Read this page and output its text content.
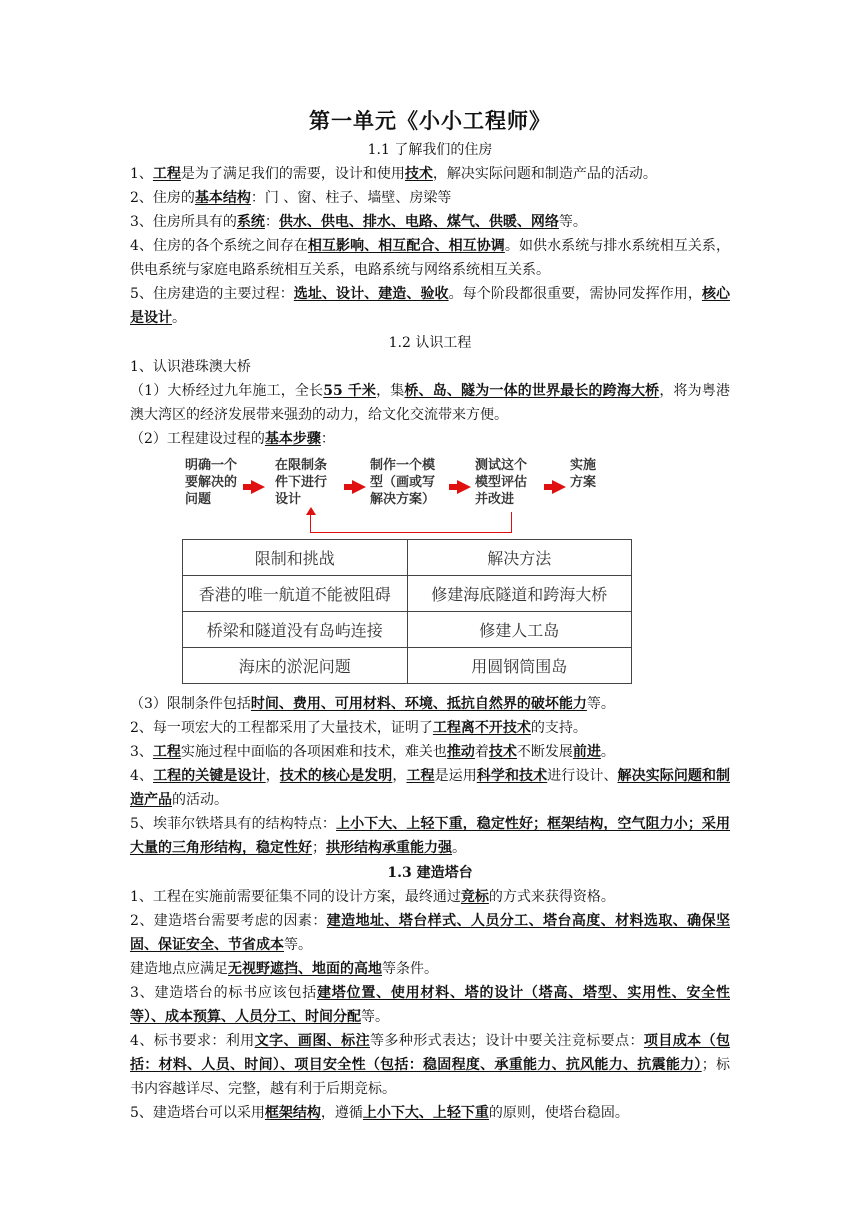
第一单元《小小工程师》
1.1 了解我们的住房

1、工程是为了满足我们的需要，设计和使用技术，解决实际问题和制造产品的活动。

2、住房的基本结构：门 、窗、柱子、墙壁、房梁等

3、住房所具有的系统：供水、供电、排水、电路、煤气、供暖、网络等。

4、住房的各个系统之间存在相互影响、相互配合、相互协调。如供水系统与排水系统相互关系，供电系统与家庭电路系统相互关系，电路系统与网络系统相互关系。

5、住房建造的主要过程：选址、设计、建造、验收。每个阶段都很重要，需协同发挥作用，核心是设计。

1.2 认识工程

1、认识港珠澳大桥

（1）大桥经过九年施工，全长55 千米，集桥、岛、隧为一体的世界最长的跨海大桥，将为粤港澳大湾区的经济发展带来强劲的动力，给文化交流带来方便。

（2）工程建设过程的基本步骤：

明确一个
要解决的
问题
在限制条
件下进行
设计
制作一个模
型（画或写
解决方案）
测试这个
模型评估
并改进
实施
方案
限制和挑战	解决方法
香港的唯一航道不能被阻碍	修建海底隧道和跨海大桥
桥梁和隧道没有岛屿连接	修建人工岛
海床的淤泥问题	用圆钢筒围岛

（3）限制条件包括时间、费用、可用材料、环境、抵抗自然界的破坏能力等。

2、每一项宏大的工程都采用了大量技术，证明了工程离不开技术的支持。

3、工程实施过程中面临的各项困难和技术，难关也推动着技术不断发展前进。

4、工程的关键是设计，技术的核心是发明，工程是运用科学和技术进行设计、解决实际问题和制造产品的活动。

5、埃菲尔铁塔具有的结构特点：上小下大、上轻下重，稳定性好；框架结构，空气阻力小；采用大量的三角形结构，稳定性好；拱形结构承重能力强。

1.3 建造塔台

1、工程在实施前需要征集不同的设计方案，最终通过竞标的方式来获得资格。

2、建造塔台需要考虑的因素：建造地址、塔台样式、人员分工、塔台高度、材料选取、确保坚固、保证安全、节省成本等。

建造地点应满足无视野遮挡、地面的高地等条件。

3、建造塔台的标书应该包括建塔位置、使用材料、塔的设计（塔高、塔型、实用性、安全性等）、成本预算、人员分工、时间分配等。

4、标书要求：利用文字、画图、标注等多种形式表达；设计中要关注竞标要点：项目成本（包括：材料、人员、时间）、项目安全性（包括：稳固程度、承重能力、抗风能力、抗震能力）；标书内容越详尽、完整，越有利于后期竞标。

5、建造塔台可以采用框架结构，遵循上小下大、上轻下重的原则，使塔台稳固。
